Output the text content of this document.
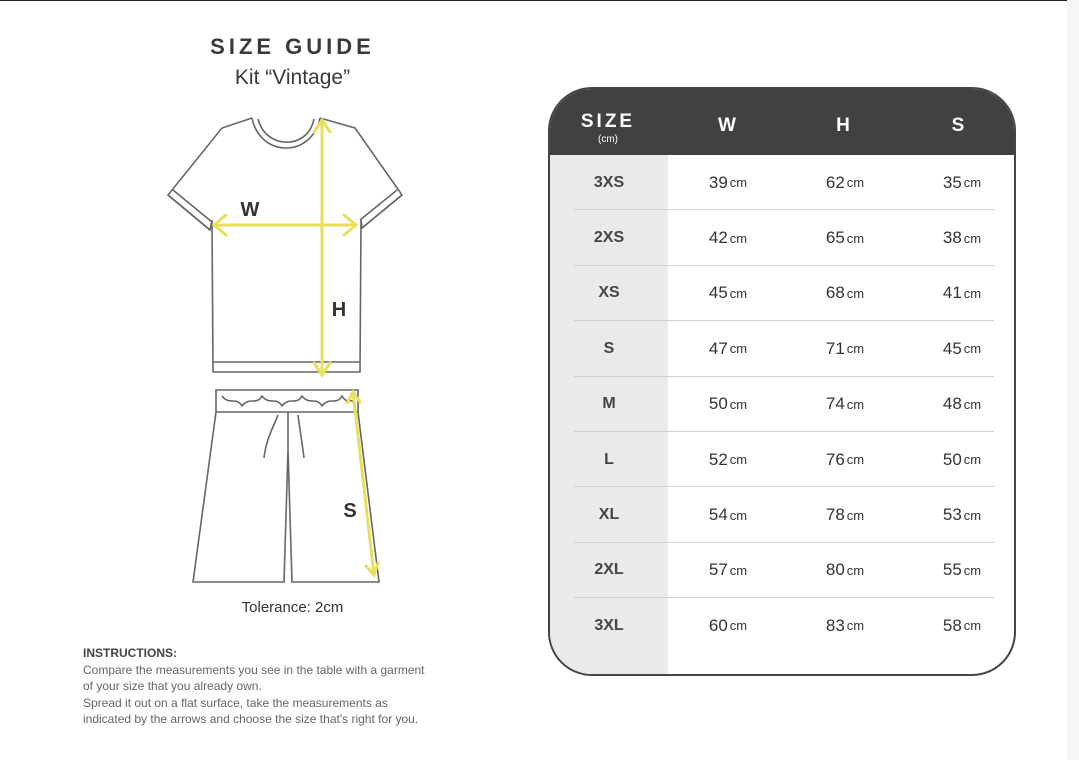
SIZE GUIDE
Kit “Vintage”
W
H
S
Tolerance: 2cm
INSTRUCTIONS:
Compare the measurements you see in the table with a garment
of your size that you already own.
Spread it out on a flat surface, take the measurements as
indicated by the arrows and choose the size that's right for you.
SIZE
(cm)
W	H	S
3XS	39 cm	62 cm	35 cm
2XS	42 cm	65 cm	38 cm
XS	45 cm	68 cm	41 cm
S	47 cm	71 cm	45 cm
M	50 cm	74 cm	48 cm
L	52 cm	76 cm	50 cm
XL	54 cm	78 cm	53 cm
2XL	57 cm	80 cm	55 cm
3XL	60 cm	83 cm	58 cm
